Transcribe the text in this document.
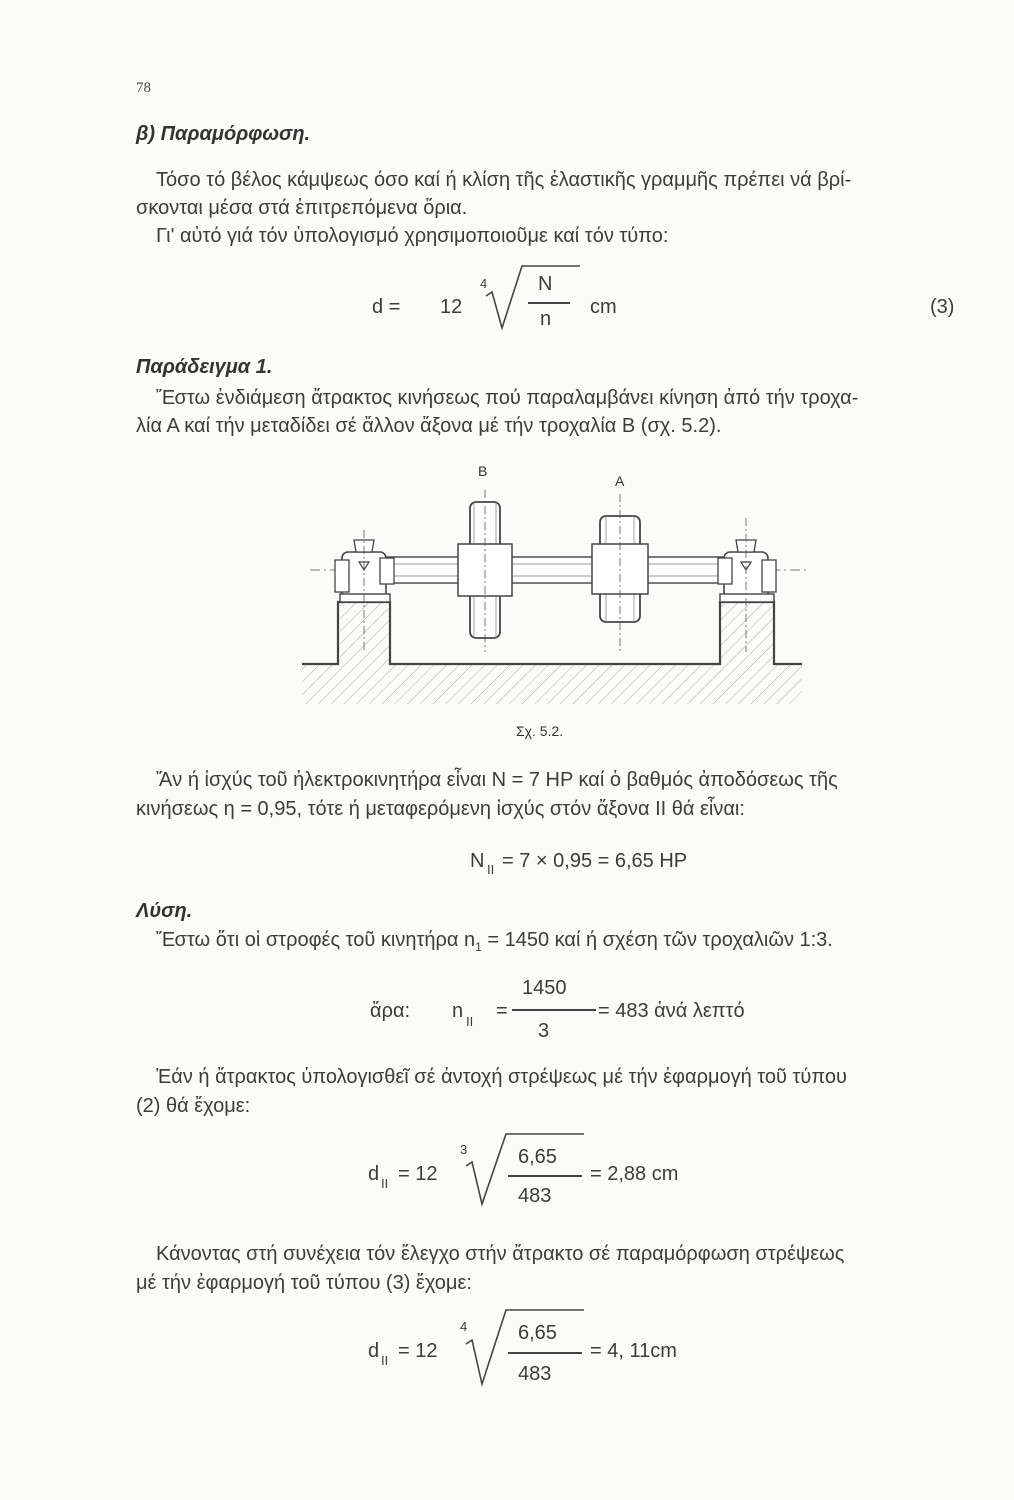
78
β) Παραμόρφωση.
Τόσο τό βέλος κάμψεως όσο καί ή κλίση τῆς ἐλαστικῆς γραμμῆς πρέπει νά βρί-
σκονται μέσα στά ἐπιτρεπόμενα ὅρια.
Γι' αὐτό γιά τόν ὑπολογισμό χρησιμοποιοῦμε καί τόν τύπο:
d = 12
4	N
n
cm	(3)
Παράδειγμα 1.
Ἔστω ἐνδιάμεση ἄτρακτος κινήσεως πού παραλαμβάνει κίνηση ἀπό τήν τροχα-
λία Α καί τήν μεταδίδει σέ ἄλλον ἄξονα μέ τήν τροχαλία Β (σχ. 5.2).
B
A
Σχ. 5.2.
Ἄν ή ἰσχύς τοῦ ἠλεκτροκινητήρα εἶναι N = 7 HP καί ὁ βαθμός ἀποδόσεως τῆς
κινήσεως η = 0,95, τότε ή μεταφερόμενη ἰσχύς στόν ἄξονα ΙΙ θά εἶναι:
N II = 7 × 0,95 = 6,65 HP
Λύση.
Ἔστω ὅτι οἱ στροφές τοῦ κινητήρα $n_1 = 1450$ καί ή σχέση τῶν τροχαλιῶν 1:3.
ἄρα: n II =
1450
3
= 483 ἀνά λεπτό
Ἐάν ή ἄτρακτος ὑπολογισθεῖ σέ ἀντοχή στρέψεως μέ τήν ἐφαρμογή τοῦ τύπου
(2) θά ἔχομε:
d II = 12
3	6,65
483
= 2,88 cm
Κάνοντας στή συνέχεια τόν ἔλεγχο στήν ἄτρακτο σέ παραμόρφωση στρέψεως
μέ τήν ἐφαρμογή τοῦ τύπου (3) ἔχομε:
d II = 12
4	6,65
483
= 4, 11cm
